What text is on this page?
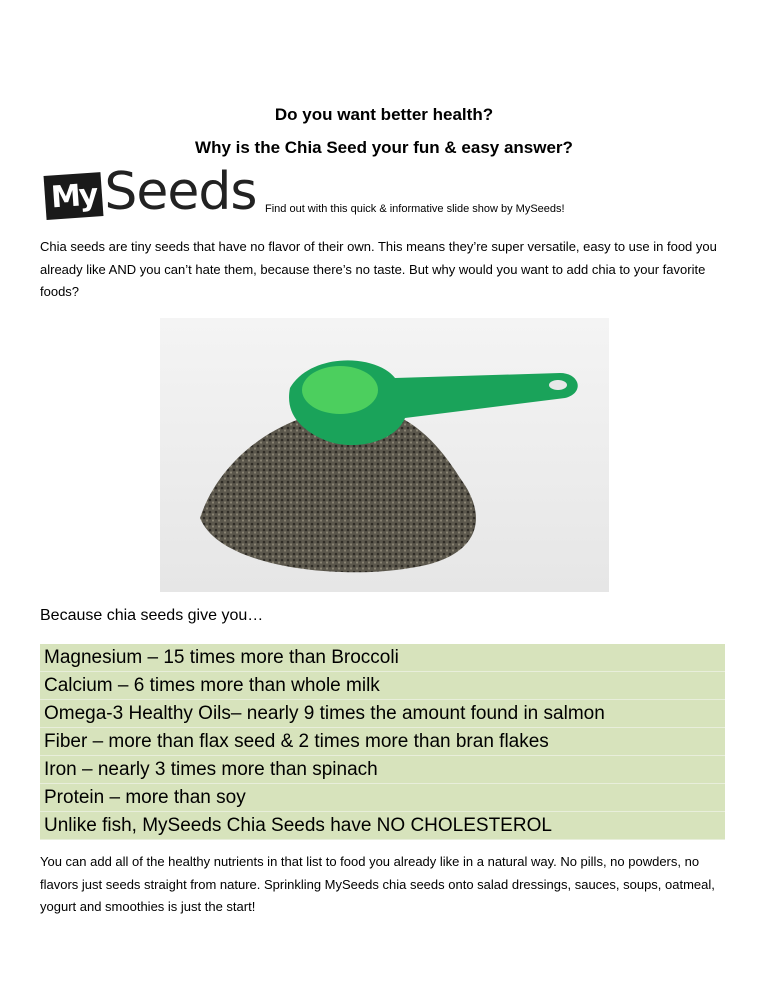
Do you want better health?
Why is the Chia Seed your fun & easy answer?
My Seeds Find out with this quick & informative slide show by MySeeds!
Chia seeds are tiny seeds that have no flavor of their own. This means they’re super versatile, easy to use in food you already like AND you can’t hate them, because there’s no taste. But why would you want to add chia to your favorite foods?
Because chia seeds give you…
Magnesium – 15 times more than Broccoli
Calcium – 6 times more than whole milk
Omega-3 Healthy Oils– nearly 9 times the amount found in salmon
Fiber – more than flax seed & 2 times more than bran flakes
Iron – nearly 3 times more than spinach
Protein – more than soy
Unlike fish, MySeeds Chia Seeds have NO CHOLESTEROL
You can add all of the healthy nutrients in that list to food you already like in a natural way. No pills, no powders, no flavors just seeds straight from nature. Sprinkling MySeeds chia seeds onto salad dressings, sauces, soups, oatmeal, yogurt and smoothies is just the start!
